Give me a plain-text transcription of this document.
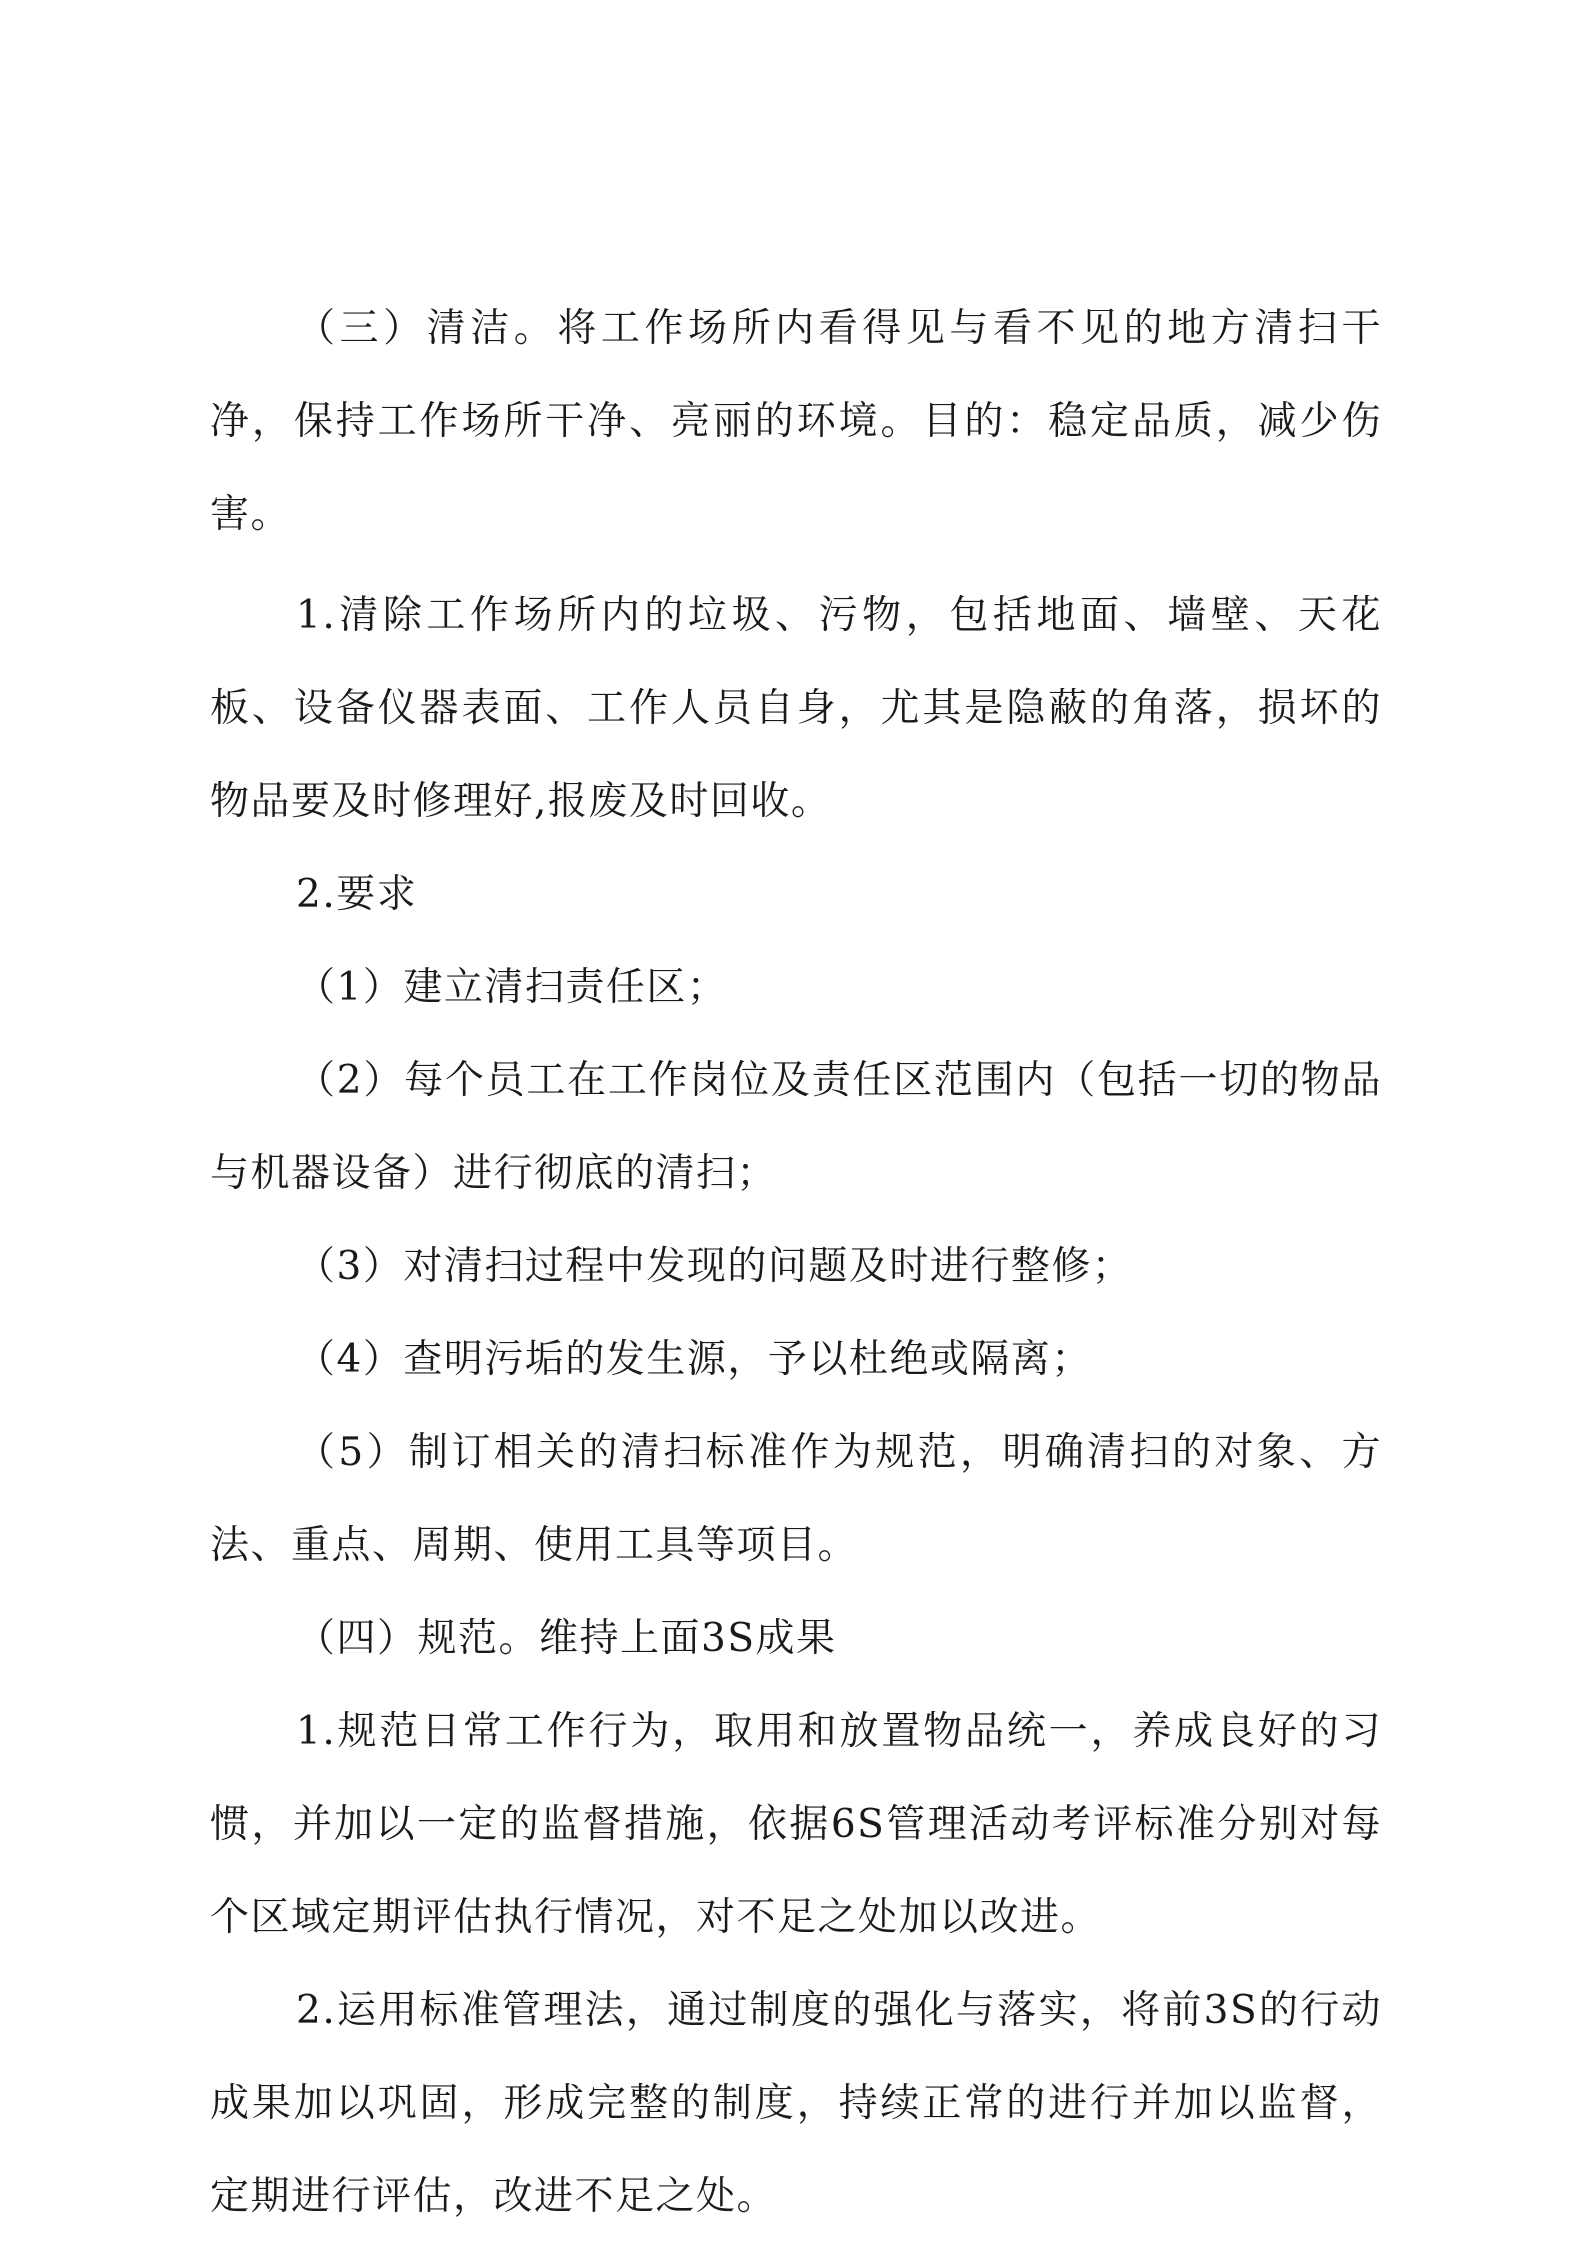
（三）清洁。将工作场所内看得见与看不见的地方清扫干净，保持工作场所干净、亮丽的环境。目的：稳定品质，减少伤害。

1.清除工作场所内的垃圾、污物，包括地面、墙壁、天花板、设备仪器表面、工作人员自身，尤其是隐蔽的角落，损坏的物品要及时修理好,报废及时回收。

2.要求

（1）建立清扫责任区；

（2）每个员工在工作岗位及责任区范围内（包括一切的物品与机器设备）进行彻底的清扫；

（3）对清扫过程中发现的问题及时进行整修；

（4）查明污垢的发生源，予以杜绝或隔离；

（5）制订相关的清扫标准作为规范，明确清扫的对象、方法、重点、周期、使用工具等项目。

（四）规范。维持上面3S成果

1.规范日常工作行为，取用和放置物品统一，养成良好的习惯，并加以一定的监督措施，依据6S管理活动考评标准分别对每个区域定期评估执行情况，对不足之处加以改进。

2.运用标准管理法，通过制度的强化与落实，将前3S的行动成果加以巩固，形成完整的制度，持续正常的进行并加以监督，定期进行评估，改进不足之处。
